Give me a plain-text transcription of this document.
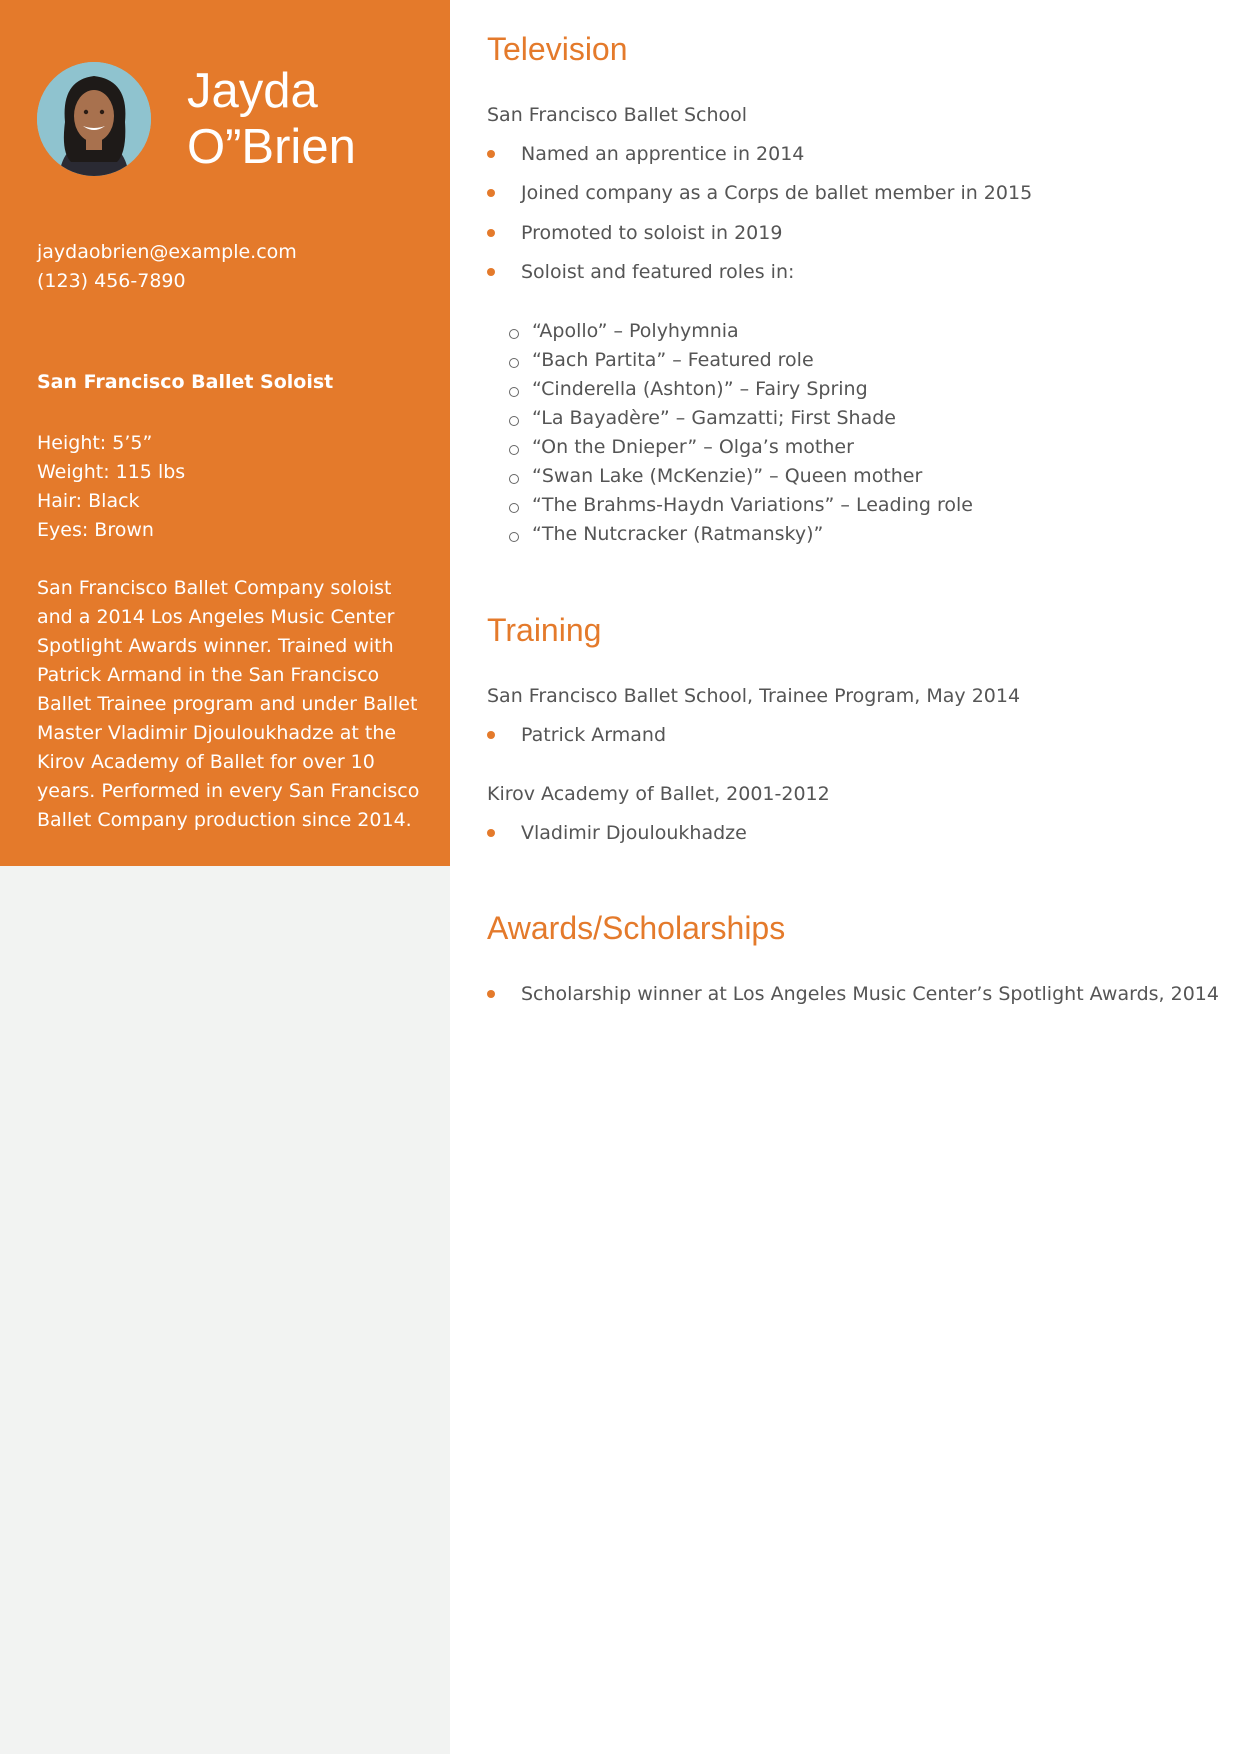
Jayda O”Brien
jaydaobrien@example.com
(123) 456-7890
San Francisco Ballet Soloist
Height: 5’5”
Weight: 115 lbs
Hair: Black
Eyes: Brown
San Francisco Ballet Company soloist and a 2014 Los Angeles Music Center Spotlight Awards winner. Trained with Patrick Armand in the San Francisco Ballet Trainee program and under Ballet Master Vladimir Djouloukhadze at the Kirov Academy of Ballet for over 10 years. Performed in every San Francisco Ballet Company production since 2014.
Television
San Francisco Ballet School
Named an apprentice in 2014
Joined company as a Corps de ballet member in 2015
Promoted to soloist in 2019
Soloist and featured roles in:
“Apollo” – Polyhymnia
“Bach Partita” – Featured role
“Cinderella (Ashton)” – Fairy Spring
“La Bayadère” – Gamzatti; First Shade
“On the Dnieper” – Olga’s mother
“Swan Lake (McKenzie)” – Queen mother
“The Brahms-Haydn Variations” – Leading role
“The Nutcracker (Ratmansky)”
Training
San Francisco Ballet School, Trainee Program, May 2014
Patrick Armand
Kirov Academy of Ballet, 2001-2012
Vladimir Djouloukhadze
Awards/Scholarships
Scholarship winner at Los Angeles Music Center’s Spotlight Awards, 2014
